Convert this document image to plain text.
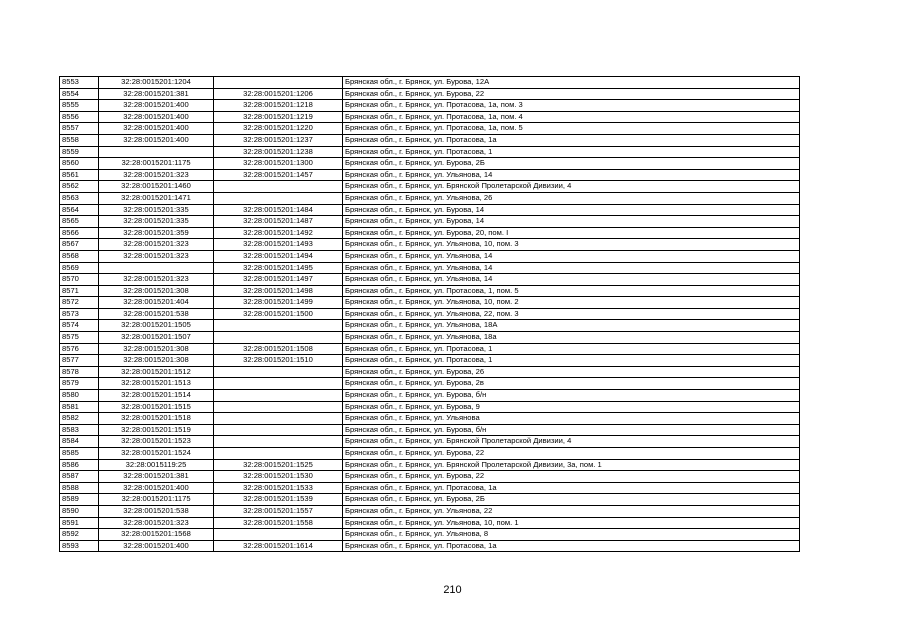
8553	32:28:0015201:1204		Брянская обл., г. Брянск, ул. Бурова, 12А
8554	32:28:0015201:381	32:28:0015201:1206	Брянская обл., г. Брянск, ул. Бурова, 22
8555	32:28:0015201:400	32:28:0015201:1218	Брянская обл., г. Брянск, ул. Протасова, 1а, пом. 3
8556	32:28:0015201:400	32:28:0015201:1219	Брянская обл., г. Брянск, ул. Протасова, 1а, пом. 4
8557	32:28:0015201:400	32:28:0015201:1220	Брянская обл., г. Брянск, ул. Протасова, 1а, пом. 5
8558	32:28:0015201:400	32:28:0015201:1237	Брянская обл., г. Брянск, ул. Протасова, 1а
8559		32:28:0015201:1238	Брянская обл., г. Брянск, ул. Протасова, 1
8560	32:28:0015201:1175	32:28:0015201:1300	Брянская обл., г. Брянск, ул. Бурова, 2Б
8561	32:28:0015201:323	32:28:0015201:1457	Брянская обл., г. Брянск, ул. Ульянова, 14
8562	32:28:0015201:1460		Брянская обл., г. Брянск, ул. Брянской Пролетарской Дивизии, 4
8563	32:28:0015201:1471		Брянская обл., г. Брянск, ул. Ульянова, 26
8564	32:28:0015201:335	32:28:0015201:1484	Брянская обл., г. Брянск, ул. Бурова, 14
8565	32:28:0015201:335	32:28:0015201:1487	Брянская обл., г. Брянск, ул. Бурова, 14
8566	32:28:0015201:359	32:28:0015201:1492	Брянская обл., г. Брянск, ул. Бурова, 20, пом. I
8567	32:28:0015201:323	32:28:0015201:1493	Брянская обл., г. Брянск, ул. Ульянова, 10, пом. 3
8568	32:28:0015201:323	32:28:0015201:1494	Брянская обл., г. Брянск, ул. Ульянова, 14
8569		32:28:0015201:1495	Брянская обл., г. Брянск, ул. Ульянова, 14
8570	32:28:0015201:323	32:28:0015201:1497	Брянская обл., г. Брянск, ул. Ульянова, 14
8571	32:28:0015201:308	32:28:0015201:1498	Брянская обл., г. Брянск, ул. Протасова, 1, пом. 5
8572	32:28:0015201:404	32:28:0015201:1499	Брянская обл., г. Брянск, ул. Ульянова, 10, пом. 2
8573	32:28:0015201:538	32:28:0015201:1500	Брянская обл., г. Брянск, ул. Ульянова, 22, пом. 3
8574	32:28:0015201:1505		Брянская обл., г. Брянск, ул. Ульянова, 18А
8575	32:28:0015201:1507		Брянская обл., г. Брянск, ул. Ульянова, 18а
8576	32:28:0015201:308	32:28:0015201:1508	Брянская обл., г. Брянск, ул. Протасова, 1
8577	32:28:0015201:308	32:28:0015201:1510	Брянская обл., г. Брянск, ул. Протасова, 1
8578	32:28:0015201:1512		Брянская обл., г. Брянск, ул. Бурова, 26
8579	32:28:0015201:1513		Брянская обл., г. Брянск, ул. Бурова, 2в
8580	32:28:0015201:1514		Брянская обл., г. Брянск, ул. Бурова, б/н
8581	32:28:0015201:1515		Брянская обл., г. Брянск, ул. Бурова, 9
8582	32:28:0015201:1518		Брянская обл., г. Брянск, ул. Ульянова
8583	32:28:0015201:1519		Брянская обл., г. Брянск, ул. Бурова, б/н
8584	32:28:0015201:1523		Брянская обл., г. Брянск, ул. Брянской Пролетарской Дивизии, 4
8585	32:28:0015201:1524		Брянская обл., г. Брянск, ул. Бурова, 22
8586	32:28:0015119:25	32:28:0015201:1525	Брянская обл., г. Брянск, ул. Брянской Пролетарской Дивизии, 3а, пом. 1
8587	32:28:0015201:381	32:28:0015201:1530	Брянская обл., г. Брянск, ул. Бурова, 22
8588	32:28:0015201:400	32:28:0015201:1533	Брянская обл., г. Брянск, ул. Протасова, 1а
8589	32:28:0015201:1175	32:28:0015201:1539	Брянская обл., г. Брянск, ул. Бурова, 2Б
8590	32:28:0015201:538	32:28:0015201:1557	Брянская обл., г. Брянск, ул. Ульянова, 22
8591	32:28:0015201:323	32:28:0015201:1558	Брянская обл., г. Брянск, ул. Ульянова, 10, пом. 1
8592	32:28:0015201:1568		Брянская обл., г. Брянск, ул. Ульянова, 8
8593	32:28:0015201:400	32:28:0015201:1614	Брянская обл., г. Брянск, ул. Протасова, 1а
210
